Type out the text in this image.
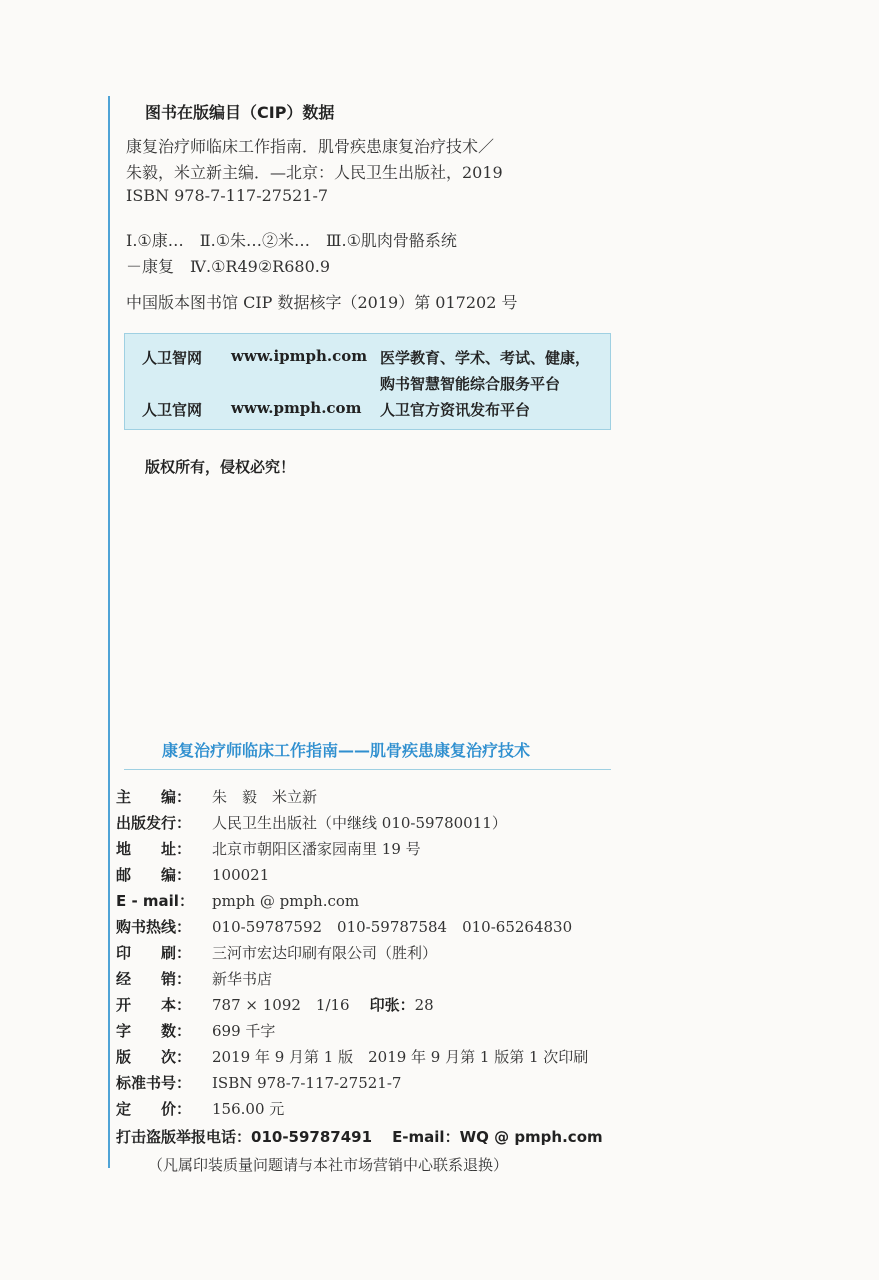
图书在版编目（CIP）数据
康复治疗师临床工作指南．肌骨疾患康复治疗技术／
朱毅，米立新主编．—北京：人民卫生出版社，2019
ISBN 978-7-117-27521-7
Ⅰ.①康…　Ⅱ.①朱…②米…　Ⅲ.①肌肉骨骼系统
－康复　Ⅳ.①R49②R680.9
中国版本图书馆 CIP 数据核字（2019）第 017202 号
人卫智网 www.ipmph.com 医学教育、学术、考试、健康，
购书智慧智能综合服务平台
人卫官网 www.pmph.com 人卫官方资讯发布平台
版权所有，侵权必究！
康复治疗师临床工作指南——肌骨疾患康复治疗技术
主　　编： 朱　毅　米立新
出版发行： 人民卫生出版社（中继线 010-59780011）
地　　址： 北京市朝阳区潘家园南里 19 号
邮　　编： 100021
E - mail： pmph @ pmph.com
购书热线： 010-59787592　010-59787584　010-65264830
印　　刷： 三河市宏达印刷有限公司（胜利）
经　　销： 新华书店
开　　本： 787 × 1092　1/16 印张：28
字　　数： 699 千字
版　　次： 2019 年 9 月第 1 版　2019 年 9 月第 1 版第 1 次印刷
标准书号： ISBN 978-7-117-27521-7
定　　价： 156.00 元
打击盗版举报电话：010-59787491 E-mail：WQ @ pmph.com
（凡属印装质量问题请与本社市场营销中心联系退换）
